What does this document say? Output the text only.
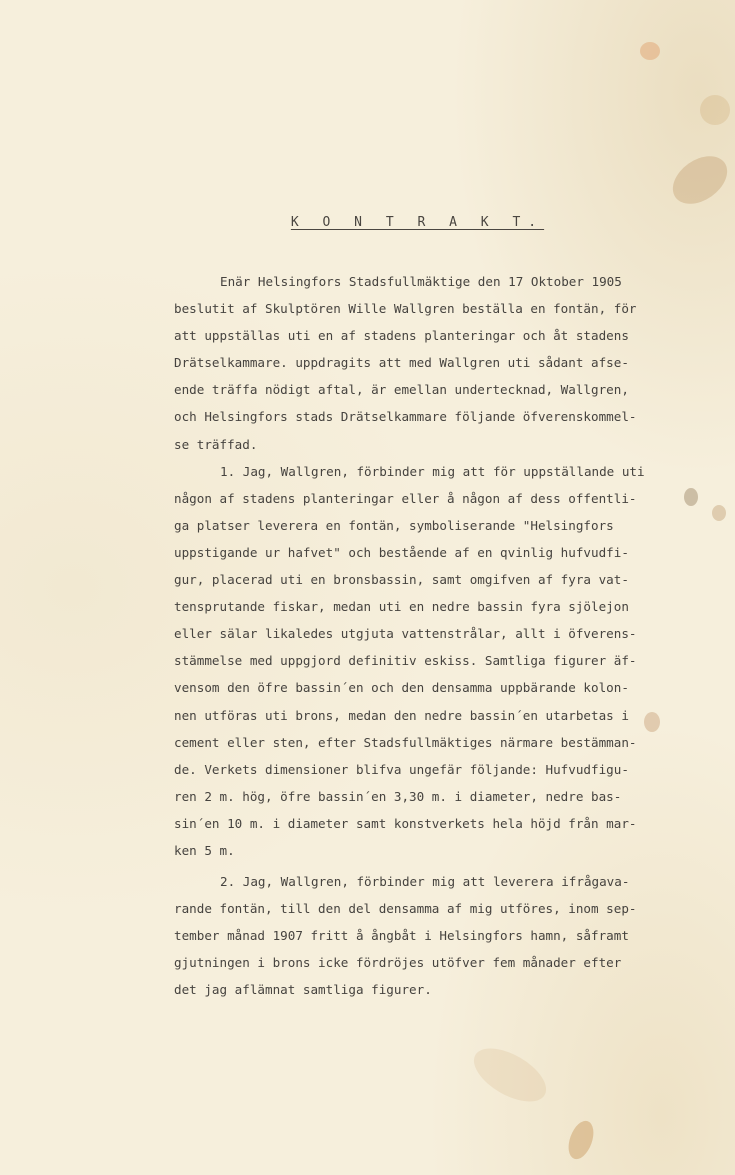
K O N T R A K T.
Enär Helsingfors Stadsfullmäktige den 17 Oktober 1905
beslutit af Skulptören Wille Wallgren beställa en fontän, för
att uppställas uti en af stadens planteringar och åt stadens
Drätselkammare. uppdragits att med Wallgren uti sådant afse-
ende träffa nödigt aftal, är emellan undertecknad, Wallgren,
och Helsingfors stads Drätselkammare följande öfverenskommel-
se träffad.
1. Jag, Wallgren, förbinder mig att för uppställande uti
någon af stadens planteringar eller å någon af dess offentli-
ga platser leverera en fontän, symboliserande "Helsingfors
uppstigande ur hafvet" och bestående af en qvinlig hufvudfi-
gur, placerad uti en bronsbassin, samt omgifven af fyra vat-
tensprutande fiskar, medan uti en nedre bassin fyra sjölejon
eller sälar likaledes utgjuta vattenstrålar, allt i öfverens-
stämmelse med uppgjord definitiv eskiss. Samtliga figurer äf-
vensom den öfre bassin´en och den densamma uppbärande kolon-
nen utföras uti brons, medan den nedre bassin´en utarbetas i
cement eller sten, efter Stadsfullmäktiges närmare bestämman-
de. Verkets dimensioner blifva ungefär följande: Hufvudfigu-
ren 2 m. hög, öfre bassin´en 3,30 m. i diameter, nedre bas-
sin´en 10 m. i diameter samt konstverkets hela höjd från mar-
ken 5 m.
2. Jag, Wallgren, förbinder mig att leverera ifrågava-
rande fontän, till den del densamma af mig utföres, inom sep-
tember månad 1907 fritt å ångbåt i Helsingfors hamn, såframt
gjutningen i brons icke fördröjes utöfver fem månader efter
det jag aflämnat samtliga figurer.
